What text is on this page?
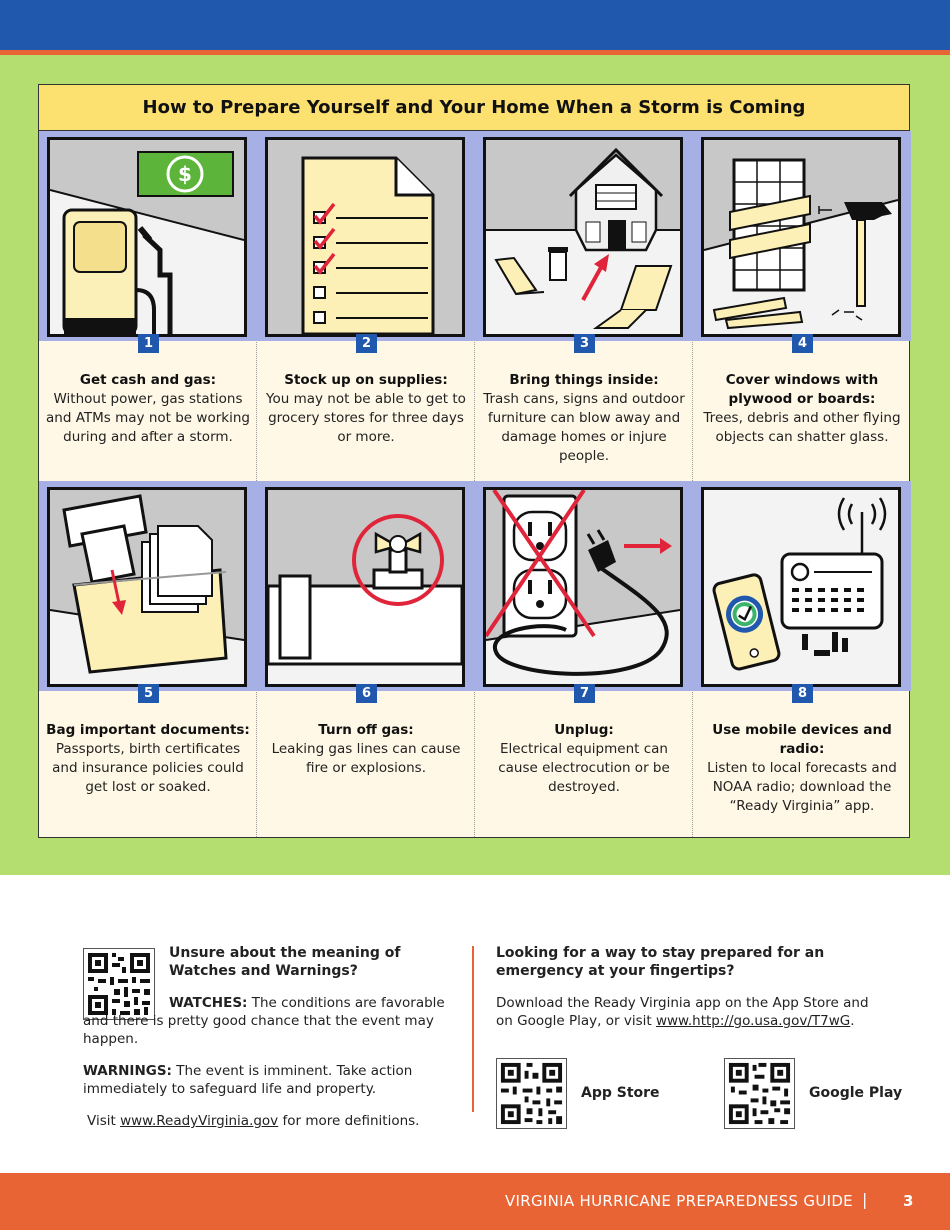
How to Prepare Yourself and Your Home When a Storm is Coming
$
1
Get cash and gas:
Without power, gas stations and ATMs may not be working during and after a storm.
2
Stock up on supplies:
You may not be able to get to grocery stores for three days or more.
3
Bring things inside:
Trash cans, signs and outdoor furniture can blow away and damage homes or injure people.
4
Cover windows with plywood or boards:
Trees, debris and other flying objects can shatter glass.
5
Bag important documents:
Passports, birth certificates and insurance policies could get lost or soaked.
6
Turn off gas:
Leaking gas lines can cause fire or explosions.
7
Unplug:
Electrical equipment can cause electrocution or be destroyed.
8
Use mobile devices and radio:
Listen to local forecasts and NOAA radio; download the “Ready Virginia” app.
Unsure about the meaning of Watches and Warnings?
WATCHES: The conditions are favorable and there is pretty good chance that the event may happen.
WARNINGS: The event is imminent. Take action immediately to safeguard life and property.
Visit www.ReadyVirginia.gov for more definitions.
Looking for a way to stay prepared for an emergency at your fingertips?
Download the Ready Virginia app on the App Store and on Google Play, or visit www.http://go.usa.gov/T7wG.
App Store	Google Play
VIRGINIA HURRICANE PREPAREDNESS GUIDE | 3
